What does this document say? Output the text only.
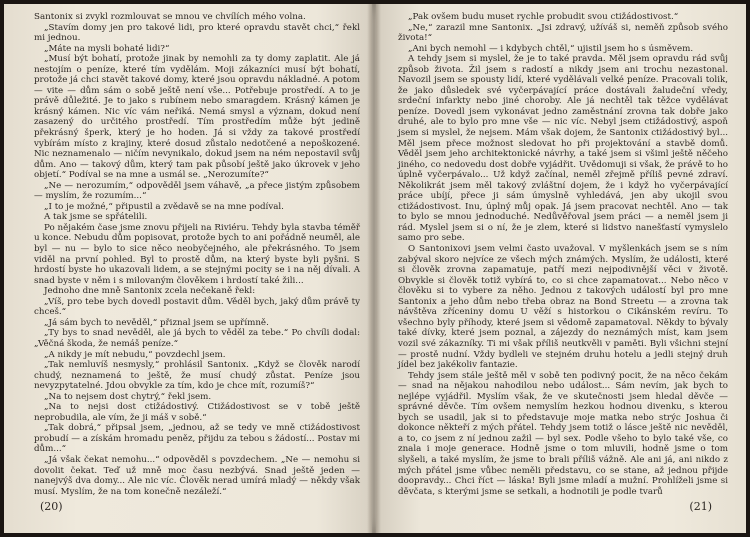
Santonix si zvykl rozmlouvat se mnou ve chvílích mého volna.

„Stavím domy jen pro takové lidi, pro které opravdu stavět chci,“ řekl mi jednou.

„Máte na mysli bohaté lidi?“

„Musí být bohatí, protože jinak by nemohli za ty domy zaplatit. Ale já nestojím o peníze, které tím vydělám. Moji zákazníci musí být bohatí, protože já chci stavět takové domy, které jsou opravdu nákladné. A potom — vite — dům sám o sobě ještě není vše... Potřebuje prostředí. A to je právě důležité. Je to jako s rubínem nebo smaragdem. Krásný kámen je krásný kámen. Nic víc vám neřiká. Nemá smysl a význam, dokud není zasazený do určitého prostředí. Tím prostředím může být jedině překrásný šperk, který je ho hoden. Já si vždy za takové prostředí vybírám místo z krajiny, které dosud zůstalo nedotčené a nepoškozené. Nic neznamenalo — ničím nevynikalo, dokud jsem na ném nepostavil svůj dům. Ano — takový dům, který tam pak působí ještě jako úkrovek v jeho objetí.“ Podíval se na mne a usmál se. „Nerozumíte?“

„Ne — nerozumím,“ odpověděl jsem váhavě, „a přece jistým způsobem — myslím, že rozumím...“

„I to je možné,“ připustil a zvědavě se na mne podíval.

A tak jsme se spřátelili.

Po nějakém čase jsme znovu přijeli na Riviéru. Tehdy byla stavba téměř u konce. Nebudu dům popisovat, protože bych to ani pořádně neuměl, ale byl — nu — bylo to sice něco neobyčejného, ale překrásného. To jsem viděl na první pohled. Byl to prostě dům, na který byste byli pyšni. S hrdostí byste ho ukazovali lidem, a se stejnými pocity se i na něj dívali. A snad byste v něm i s milovaným člověkem i hrdostí také žili...

Jednoho dne mně Santonix zcela nečekaně řekl:

„Víš, pro tebe bych dovedl postavit dům. Věděl bych, jaký dům právě ty chceš.“

„Já sám bych to nevěděl,“ přiznal jsem se upřímně.

„Ty bys to snad nevěděl, ale já bych to věděl za tebe.“ Po chvíli dodal: „Věčná škoda, že nemáš peníze.“

„A nikdy je mít nebudu,“ povzdechl jsem.

„Tak nemluvíš nesmysly,“ prohlásil Santonix. „Když se člověk narodí chudý, neznamená to ještě, že musí chudý zůstat. Peníze jsou nevyzpytatelné. Jdou obvykle za tím, kdo je chce mít, rozumíš?“

„Na to nejsem dost chytrý,“ řekl jsem.

„Na to nejsi dost ctižádostivý. Ctižádostivost se v tobě ještě neprobudila, ale vím, že ji máš v sobě.“

„Tak dobrá,“ připsal jsem, „jednou, až se tedy ve mně ctižádostivost probudí — a získám hromadu peněz, přijdu za tebou s žádostí... Postav mi dům...“

„Já však čekat nemohu...“ odpověděl s povzdechem. „Ne — nemohu si dovolit čekat. Teď už mně moc času nezbývá. Snad ještě jeden — nanejvýš dva domy... Ale nic víc. Člověk nerad umírá mladý — někdy však musí. Myslím, že na tom konečně nezáleží.“

(20)

„Pak ovšem budu muset rychle probudit svou ctižádostivost.“

„Ne,“ zarazil mne Santonix. „Jsi zdravý, užíváš si, neměň způsob svého života!“

„Ani bych nemohl — i kdybych chtěl,“ ujistil jsem ho s úsměvem.

A tehdy jsem si myslel, že je to také pravda. Měl jsem opravdu rád svůj způsob života. Žil jsem s radostí a nikdy jsem ani trochu nezastonal. Navozil jsem se spousty lidí, které vydělávali velké peníze. Pracovali tolik, že jako důsledek své vyčerpávající práce dostávali žaludeční vředy, srdeční infarkty nebo jiné choroby. Ale já nechtěl tak těžce vydělávat peníze. Dovedl jsem vykonávat jedno zaměstnání zrovna tak dobře jako druhé, ale to bylo pro mne vše — nic víc. Nebyl jsem ctižádostivý, aspoň jsem si myslel, že nejsem. Mám však dojem, že Santonix ctižádostivý byl... Měl jsem přece možnost sledovat ho při projektování a stavbě domů. Věděl jsem jeho architektonické návrhy, a také jsem si všiml ještě něčeho jiného, co nedovedu dost dobře vyjádřit. Uvědomuji si však, že právě to ho úplně vyčerpávalo... Už když začínal, neměl zřejmě příliš pevné zdraví. Několikrát jsem měl takový zvláštní dojem, že i když ho vyčerpávající práce ubíjí, přece ji sám úmyslně vyhledává, jen aby ukojil svou ctižádostivost. Inu, úplný můj opak. Já jsem pracovat nechtěl. Ano — tak to bylo se mnou jednoduché. Nedůvěřoval jsem práci — a neměl jsem ji rád. Myslel jsem si o ní, že je zlem, které si lidstvo nanešťastí vymyslelo samo pro sebe.

O Santonixovi jsem velmi často uvažoval. V myšlenkách jsem se s ním zabýval skoro nejvíce ze všech mých známých. Myslím, že události, které si člověk zrovna zapamatuje, patří mezi nejpodivnější věci v životě. Obvykle si člověk totiž vybírá to, co si chce zapamatovat... Nebo něco v člověku si to vybere za něho. Jednou z takových událostí byl pro mne Santonix a jeho dům nebo třeba obraz na Bond Streetu — a zrovna tak návštěva zříceniny domu U věží s historkou o Cikánském revíru. To všechno byly příhody, které jsem si vědomě zapamatoval. Někdy to bývaly také dívky, které jsem poznal, a zájezdy do neznámých míst, kam jsem vozil své zákazníky. Ti mi však příliš neutkvěli v paměti. Byli všichni stejní — prostě nudní. Vždy bydleli ve stejném druhu hotelu a jedli stejný druh jídel bez jakékoliv fantazie.

Tehdy jsem stále ještě měl v sobě ten podivný pocit, že na něco čekám — snad na nějakou nahodilou nebo událost... Sám nevím, jak bych to nejlépe vyjádřil. Myslím však, že ve skutečnosti jsem hledal děvče — správné děvče. Tím ovšem nemyslím hezkou hodnou divenku, s kterou bych se usadil, jak si to představuje moje matka nebo strýc Joshua či dokonce někteří z mých přátel. Tehdy jsem totiž o lásce ještě nic nevěděl, a to, co jsem z ní jednou zažil — byl sex. Podle všeho to bylo také vše, co znala i moje generace. Hodně jsme o tom mluvili, hodně jsme o tom slyšeli, a také myslím, že jsme to brali příliš vážně. Ale ani já, ani nikdo z mých přátel jsme vůbec neměli představu, co se stane, až jednou přijde doopravdy... Chci říct — láska! Byli jsme mladí a mužní. Prohlíželi jsme si děvčata, s kterými jsme se setkali, a hodnotili je podle tvarů

(21)
